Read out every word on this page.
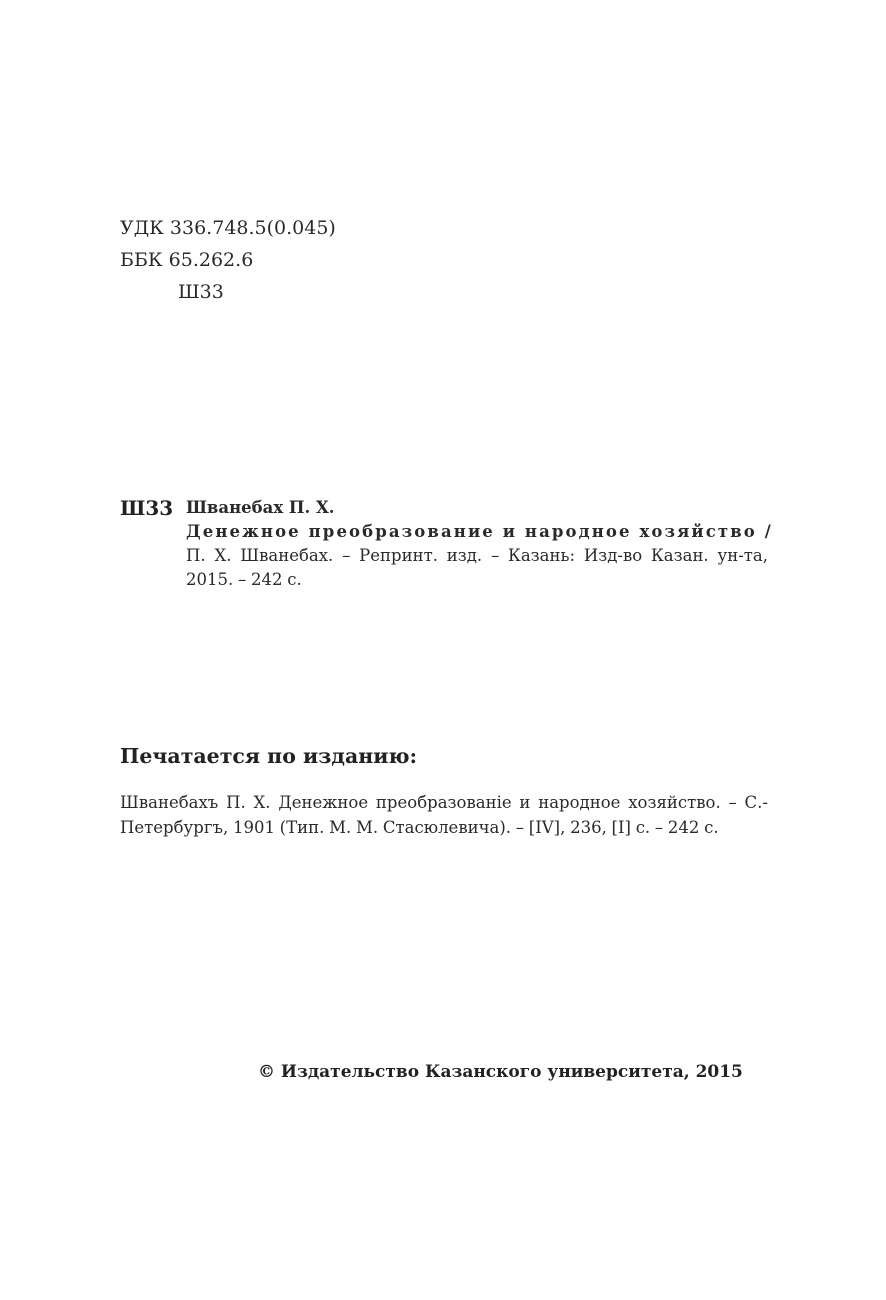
УДК 336.748.5(0.045)
ББК 65.262.6
Ш33
Ш33 Шванебах П. Х.
Денежное преобразование и народное хозяйство /
П. Х. Шванебах. – Репринт. изд. – Казань: Изд-во Казан. ун-та, 2015. – 242 с.
Печатается по изданию:
Шванебахъ П. Х. Денежное преобразованiе и народное хозяйство. – С.-Петербургъ, 1901 (Тип. М. М. Стасюлевича). – [IV], 236, [I] с. – 242 с.
© Издательство Казанского университета, 2015
